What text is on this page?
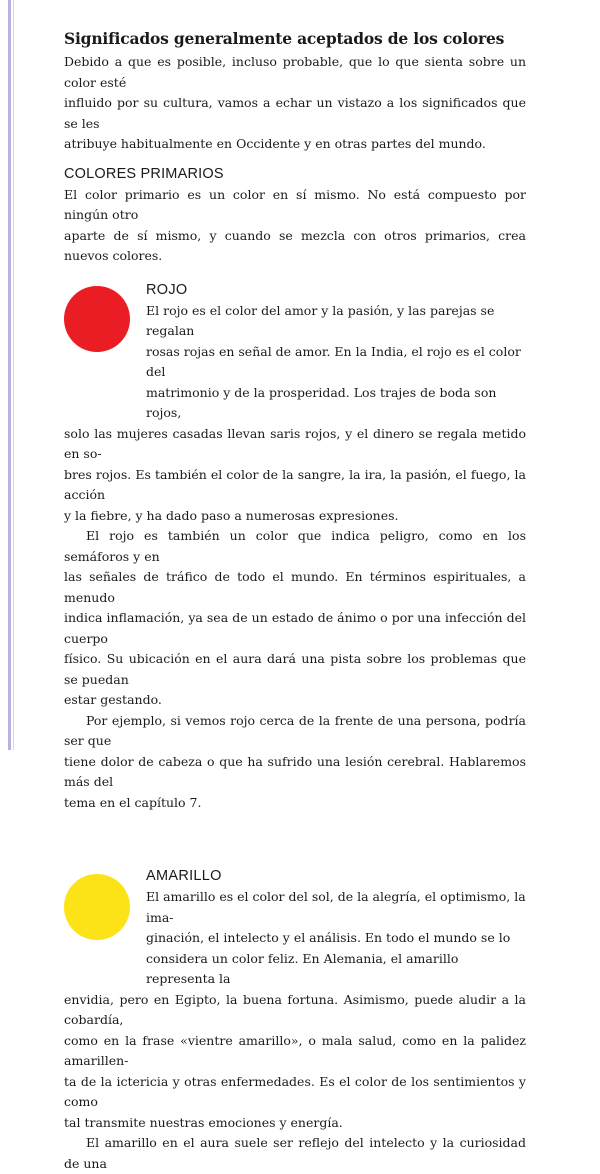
Significados generalmente aceptados de los colores

Debido a que es posible, incluso probable, que lo que sienta sobre un color esté

influido por su cultura, vamos a echar un vistazo a los significados que se les

atribuye habitualmente en Occidente y en otras partes del mundo.

COLORES PRIMARIOS

El color primario es un color en sí mismo. No está compuesto por ningún otro

aparte de sí mismo, y cuando se mezcla con otros primarios, crea nuevos colores.

ROJO

El rojo es el color del amor y la pasión, y las parejas se regalan

rosas rojas en señal de amor. En la India, el rojo es el color del

matrimonio y de la prosperidad. Los trajes de boda son rojos,

solo las mujeres casadas llevan saris rojos, y el dinero se regala metido en so-

bres rojos. Es también el color de la sangre, la ira, la pasión, el fuego, la acción

y la fiebre, y ha dado paso a numerosas expresiones.

El rojo es también un color que indica peligro, como en los semáforos y en

las señales de tráfico de todo el mundo. En términos espirituales, a menudo

indica inflamación, ya sea de un estado de ánimo o por una infección del cuerpo

físico. Su ubicación en el aura dará una pista sobre los problemas que se puedan

estar gestando.

Por ejemplo, si vemos rojo cerca de la frente de una persona, podría ser que

tiene dolor de cabeza o que ha sufrido una lesión cerebral. Hablaremos más del

tema en el capítulo 7.

AMARILLO

El amarillo es el color del sol, de la alegría, el optimismo, la ima-

ginación, el intelecto y el análisis. En todo el mundo se lo

considera un color feliz. En Alemania, el amarillo representa la

envidia, pero en Egipto, la buena fortuna. Asimismo, puede aludir a la cobardía,

como en la frase «vientre amarillo», o mala salud, como en la palidez amarillen-

ta de la ictericia y otras enfermedades. Es el color de los sentimientos y como

tal transmite nuestras emociones y energía.

El amarillo en el aura suele ser reflejo del intelecto y la curiosidad de una
